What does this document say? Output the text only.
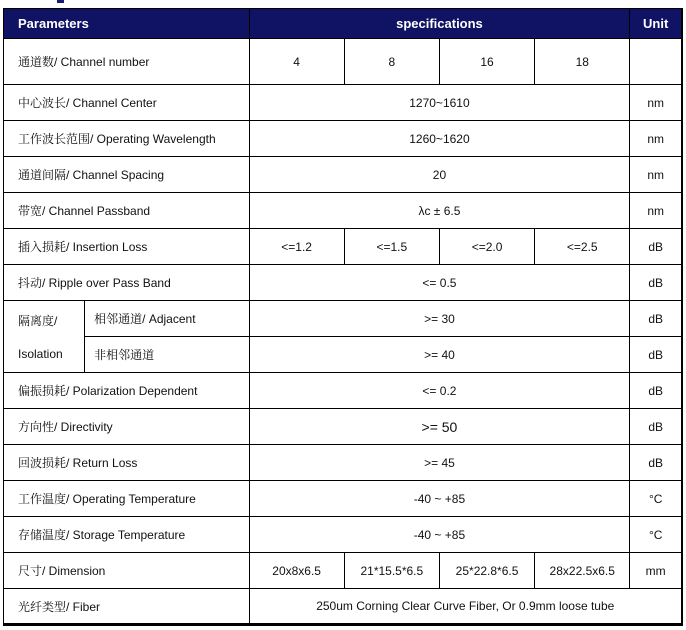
Parameters		specifications				Unit
通道数/ Channel number		4	8	16	18	
中心波长/ Channel Center		1270~1610				nm
工作波长范围/ Operating Wavelength		1260~1620				nm
通道间隔/ Channel Spacing		20				nm
带宽/ Channel Passband		λc ± 6.5				nm
插入损耗/ Insertion Loss		<=1.2	<=1.5	<=2.0	<=2.5	dB
抖动/ Ripple over Pass Band		<= 0.5				dB

隔离度/
Isolation	相邻通道/ Adjacent	>= 30				dB
	非相邻通道	>= 40				dB
偏振损耗/ Polarization Dependent		<= 0.2				dB
方向性/ Directivity		>= 50				dB
回波损耗/ Return Loss		>= 45				dB
工作温度/ Operating Temperature		-40 ~ +85				°C
存储温度/ Storage Temperature		-40 ~ +85				°C
尺寸/ Dimension		20x8x6.5	21*15.5*6.5	25*22.8*6.5	28x22.5x6.5	mm
光纤类型/ Fiber		250um Corning Clear Curve Fiber, Or 0.9mm loose tube				
